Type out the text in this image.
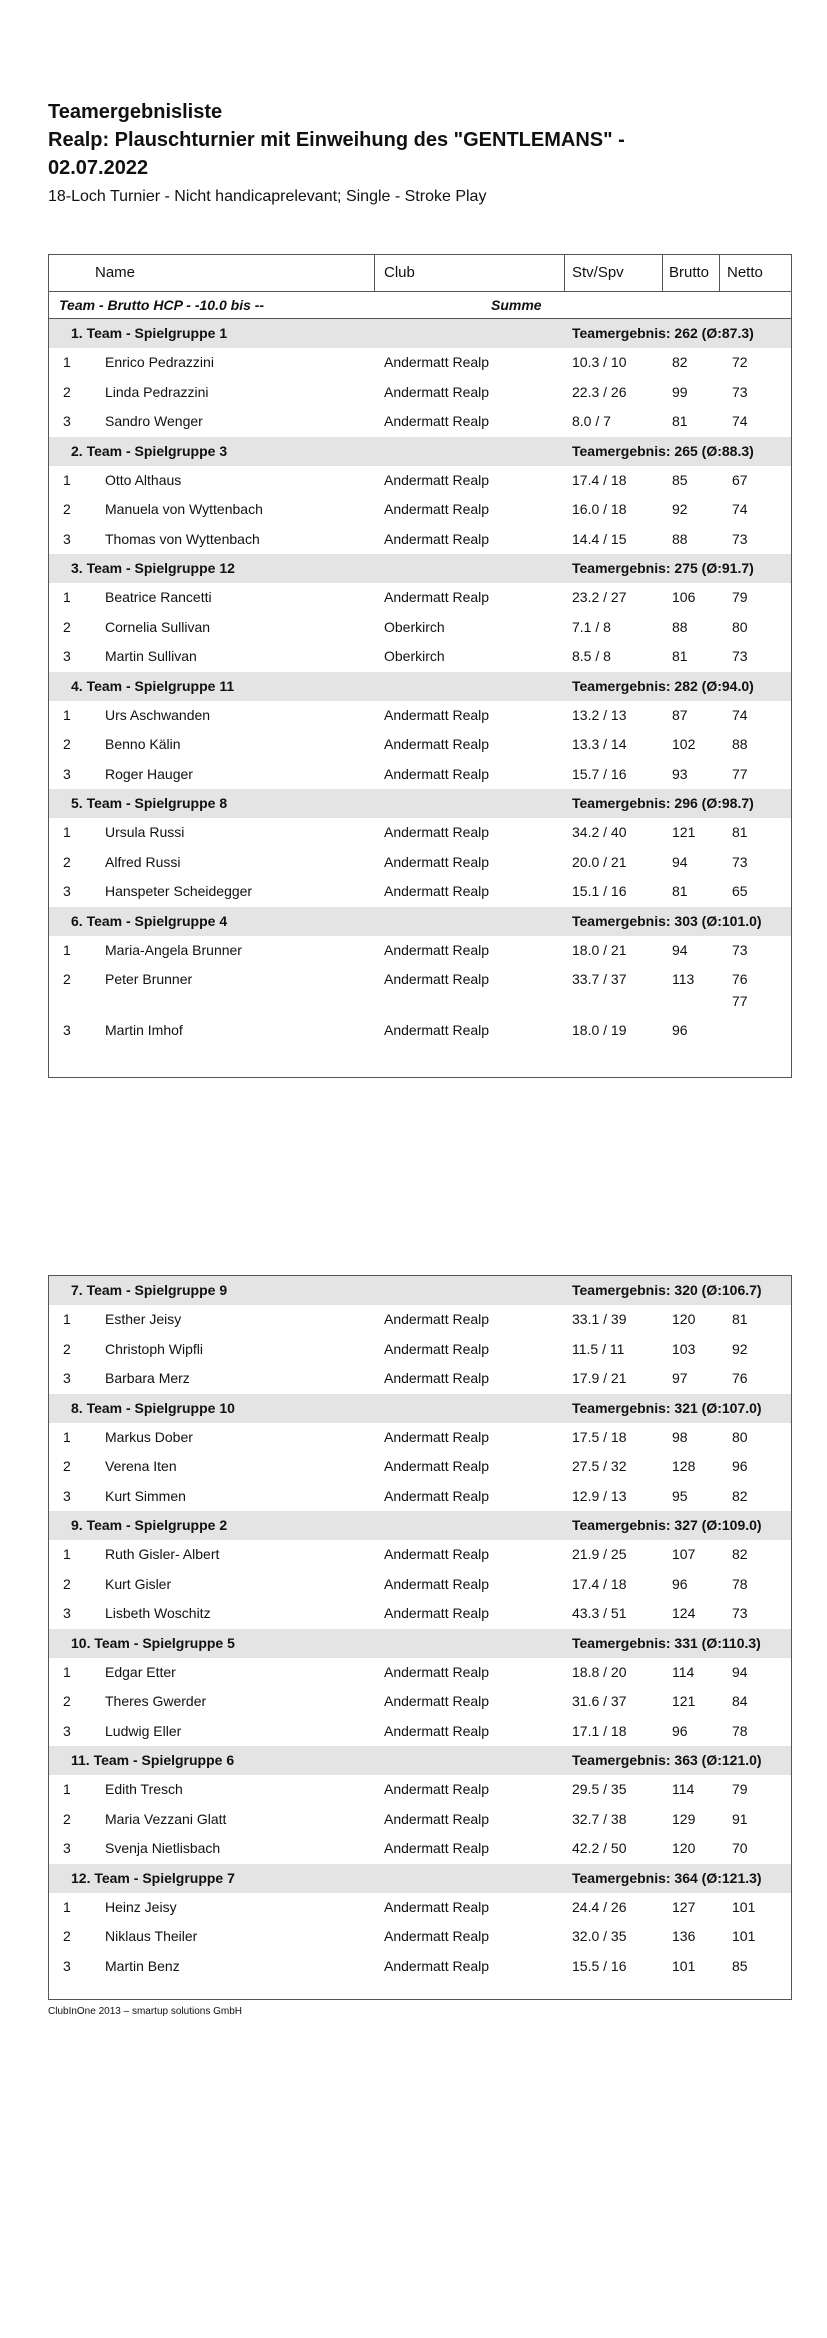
Teamergebnisliste
Realp: Plauschturnier mit Einweihung des "GENTLEMANS" -
02.07.2022
18-Loch Turnier - Nicht handicaprelevant; Single - Stroke Play
Name	Club	Stv/Spv	Brutto Netto
Team - Brutto HCP - -10.0 bis --	Summe
1. Team - Spielgruppe 1	Teamergebnis: 262 (Ø:87.3)
1 Enrico Pedrazzini	Andermatt Realp	10.3 / 10	82	72
2 Linda Pedrazzini	Andermatt Realp	22.3 / 26	99	73
3 Sandro Wenger	Andermatt Realp	8.0 / 7	81	74
2. Team - Spielgruppe 3	Teamergebnis: 265 (Ø:88.3)
1 Otto Althaus	Andermatt Realp	17.4 / 18	85	67
2 Manuela von Wyttenbach	Andermatt Realp	16.0 / 18	92	74
3 Thomas von Wyttenbach	Andermatt Realp	14.4 / 15	88	73
3. Team - Spielgruppe 12	Teamergebnis: 275 (Ø:91.7)
1 Beatrice Rancetti	Andermatt Realp	23.2 / 27	106	79
2 Cornelia Sullivan	Oberkirch	7.1 / 8	88	80
3 Martin Sullivan	Oberkirch	8.5 / 8	81	73
4. Team - Spielgruppe 11	Teamergebnis: 282 (Ø:94.0)
1 Urs Aschwanden	Andermatt Realp	13.2 / 13	87	74
2 Benno Kälin	Andermatt Realp	13.3 / 14	102	88
3 Roger Hauger	Andermatt Realp	15.7 / 16	93	77
5. Team - Spielgruppe 8	Teamergebnis: 296 (Ø:98.7)
1 Ursula Russi	Andermatt Realp	34.2 / 40	121	81
2 Alfred Russi	Andermatt Realp	20.0 / 21	94	73
3 Hanspeter Scheidegger	Andermatt Realp	15.1 / 16	81	65
6. Team - Spielgruppe 4	Teamergebnis: 303 (Ø:101.0)
1 Maria-Angela Brunner	Andermatt Realp	18.0 / 21	94	73
2 Peter Brunner	Andermatt Realp	33.7 / 37	113	76
77
3 Martin Imhof	Andermatt Realp	18.0 / 19	96
7. Team - Spielgruppe 9	Teamergebnis: 320 (Ø:106.7)
1 Esther Jeisy	Andermatt Realp	33.1 / 39	120	81
2 Christoph Wipfli	Andermatt Realp	11.5 / 11	103	92
3 Barbara Merz	Andermatt Realp	17.9 / 21	97	76
8. Team - Spielgruppe 10	Teamergebnis: 321 (Ø:107.0)
1 Markus Dober	Andermatt Realp	17.5 / 18	98	80
2 Verena Iten	Andermatt Realp	27.5 / 32	128	96
3 Kurt Simmen	Andermatt Realp	12.9 / 13	95	82
9. Team - Spielgruppe 2	Teamergebnis: 327 (Ø:109.0)
1 Ruth Gisler- Albert	Andermatt Realp	21.9 / 25	107	82
2 Kurt Gisler	Andermatt Realp	17.4 / 18	96	78
3 Lisbeth Woschitz	Andermatt Realp	43.3 / 51	124	73
10. Team - Spielgruppe 5	Teamergebnis: 331 (Ø:110.3)
1 Edgar Etter	Andermatt Realp	18.8 / 20	114	94
2 Theres Gwerder	Andermatt Realp	31.6 / 37	121	84
3 Ludwig Eller	Andermatt Realp	17.1 / 18	96	78
11. Team - Spielgruppe 6	Teamergebnis: 363 (Ø:121.0)
1 Edith Tresch	Andermatt Realp	29.5 / 35	114	79
2 Maria Vezzani Glatt	Andermatt Realp	32.7 / 38	129	91
3 Svenja Nietlisbach	Andermatt Realp	42.2 / 50	120	70
12. Team - Spielgruppe 7	Teamergebnis: 364 (Ø:121.3)
1 Heinz Jeisy	Andermatt Realp	24.4 / 26	127	101
2 Niklaus Theiler	Andermatt Realp	32.0 / 35	136	101
3 Martin Benz	Andermatt Realp	15.5 / 16	101	85
ClubInOne 2013 – smartup solutions GmbH
